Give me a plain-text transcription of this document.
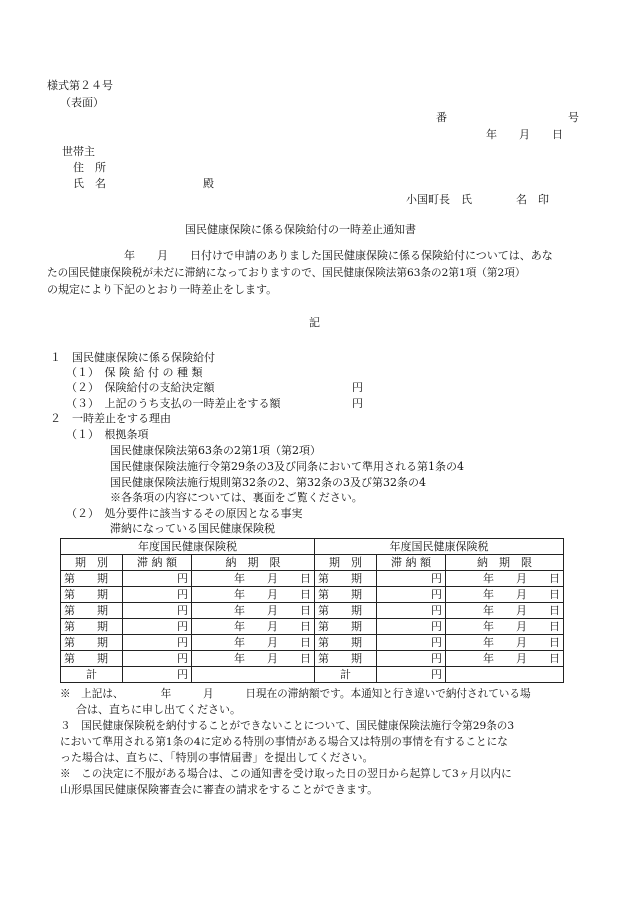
様式第２４号
（表面）
番　　　　　　　　　　　号
年　　月　　日
世帯主
住　所
氏　名	殿
小国町長　氏　　　　名　印
国民健康保険に係る保険給付の一時差止通知書
年　　月　　日付けで申請のありました国民健康保険に係る保険給付については、あな
たの国民健康保険税が未だに滞納になっておりますので、国民健康保険法第63条の2第1項（第2項）
の規定により下記のとおり一時差止をします。
記
１　国民健康保険に係る保険給付
（１）　保 険 給 付 の 種 類
（２）　保険給付の支給決定額	円
（３）　上記のうち支払の一時差止をする額	円
２　一時差止をする理由
（１）　根拠条項
国民健康保険法第63条の2第1項（第2項）
国民健康保険法施行令第29条の3及び同条において準用される第1条の4
国民健康保険法施行規則第32条の2、第32条の3及び第32条の4
※各条項の内容については、裏面をご覧ください。
（２）　処分要件に該当するその原因となる事実
滞納になっている国民健康保険税
年度国民健康保険税			年度国民健康保険税		
期　別	滞 納 額	納　期　限	期　別	滞 納 額	納　期　限
第　　期	円	年　　月　　日	第　　期	円	年　　月　　日
第　　期	円	年　　月　　日	第　　期	円	年　　月　　日
第　　期	円	年　　月　　日	第　　期	円	年　　月　　日
第　　期	円	年　　月　　日	第　　期	円	年　　月　　日
第　　期	円	年　　月　　日	第　　期	円	年　　月　　日
第　　期	円	年　　月　　日	第　　期	円	年　　月　　日
計	円		計	円	
※　上記は、　　　　年　　　月　　　日現在の滞納額です。本通知と行き違いで納付されている場
合は、直ちに申し出てください。
３　国民健康保険税を納付することができないことについて、国民健康保険法施行令第29条の3
において準用される第1条の4に定める特別の事情がある場合又は特別の事情を有することにな
った場合は、直ちに、「特別の事情届書」を提出してください。
※　この決定に不服がある場合は、この通知書を受け取った日の翌日から起算して3ヶ月以内に
山形県国民健康保険審査会に審査の請求をすることができます。
